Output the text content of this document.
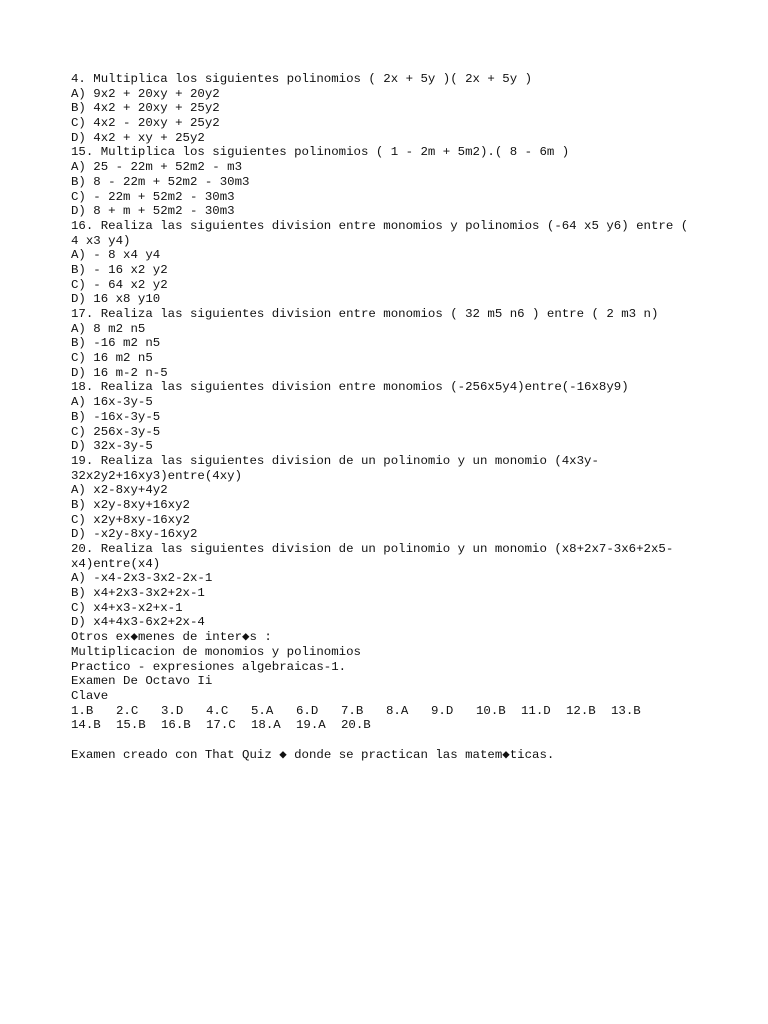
4. Multiplica los siguientes polinomios ( 2x + 5y )( 2x + 5y )
A) 9x2 + 20xy + 20y2
B) 4x2 + 20xy + 25y2
C) 4x2 - 20xy + 25y2
D) 4x2 + xy + 25y2
15. Multiplica los siguientes polinomios ( 1 - 2m + 5m2).( 8 - 6m )
A) 25 - 22m + 52m2 - m3
B) 8 - 22m + 52m2 - 30m3
C) - 22m + 52m2 - 30m3
D) 8 + m + 52m2 - 30m3
16. Realiza las siguientes division entre monomios y polinomios (-64 x5 y6) entre (
4 x3 y4)
A) - 8 x4 y4
B) - 16 x2 y2
C) - 64 x2 y2
D) 16 x8 y10
17. Realiza las siguientes division entre monomios ( 32 m5 n6 ) entre ( 2 m3 n)
A) 8 m2 n5
B) -16 m2 n5
C) 16 m2 n5
D) 16 m-2 n-5
18. Realiza las siguientes division entre monomios (-256x5y4)entre(-16x8y9)
A) 16x-3y-5
B) -16x-3y-5
C) 256x-3y-5
D) 32x-3y-5
19. Realiza las siguientes division de un polinomio y un monomio (4x3y-
32x2y2+16xy3)entre(4xy)
A) x2-8xy+4y2
B) x2y-8xy+16xy2
C) x2y+8xy-16xy2
D) -x2y-8xy-16xy2
20. Realiza las siguientes division de un polinomio y un monomio (x8+2x7-3x6+2x5-
x4)entre(x4)
A) -x4-2x3-3x2-2x-1
B) x4+2x3-3x2+2x-1
C) x4+x3-x2+x-1
D) x4+4x3-6x2+2x-4
Otros ex◆menes de inter◆s :
Multiplicacion de monomios y polinomios
Practico - expresiones algebraicas-1.
Examen De Octavo Ii
Clave
1.B	2.C	3.D	4.C	5.A	6.D	7.B	8.A	9.D	10.B	11.D	12.B	13.B
14.B	15.B	16.B	17.C	18.A	19.A	20.B
Examen creado con That Quiz ◆ donde se practican las matem◆ticas.
